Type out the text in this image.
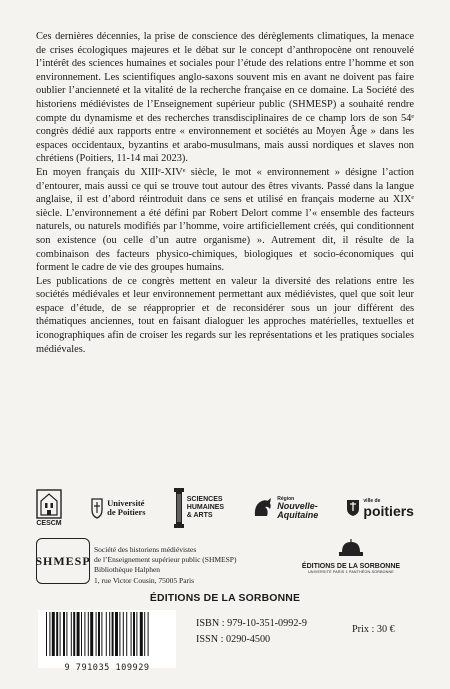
Ces dernières décennies, la prise de conscience des dérèglements climatiques, la menace de crises écologiques majeures et le débat sur le concept d’anthropocène ont renouvelé l’intérêt des sciences humaines et sociales pour l’étude des relations entre l’homme et son environnement. Les scientifiques anglo-saxons souvent mis en avant ne doivent pas faire oublier l’ancienneté et la vitalité de la recherche française en ce domaine. La Société des historiens médiévistes de l’Enseignement supérieur public (SHMESP) a souhaité rendre compte du dynamisme et des recherches transdisciplinaires de ce champ lors de son 54ᵉ congrès dédié aux rapports entre « environnement et sociétés au Moyen Âge » dans les espaces occidentaux, byzantins et arabo-musulmans, mais aussi nordiques et slaves non chrétiens (Poitiers, 11-14 mai 2023).

En moyen français du XIIIᵉ-XIVᵉ siècle, le mot « environnement » désigne l’action d’entourer, mais aussi ce qui se trouve tout autour des êtres vivants. Passé dans la langue anglaise, il est d’abord réintroduit dans ce sens et utilisé en français moderne au XIXᵉ siècle. L’environnement a été défini par Robert Delort comme l’« ensemble des facteurs naturels, ou naturels modifiés par l’homme, voire artificiellement créés, qui conditionnent son existence (ou celle d’un autre organisme) ». Autrement dit, il résulte de la combinaison des facteurs physico-chimiques, biologiques et socio-économiques qui forment le cadre de vie des groupes humains.

Les publications de ce congrès mettent en valeur la diversité des relations entre les sociétés médiévales et leur environnement permettant aux médiévistes, quel que soit leur espace d’étude, de se réapproprier et de reconsidérer sous un jour différent des thématiques anciennes, tout en faisant dialoguer les approches matérielles, textuelles et iconographiques afin de croiser les regards sur les représentations et les pratiques sociales médiévales.

CESCM
Université
de Poitiers
SCIENCES
HUMAINES
& ARTS
Région
Nouvelle-
Aquitaine
ville de
poitiers
SHMESP
Société des historiens médiévistes
de l’Enseignement supérieur public (SHMESP)
Bibliothèque Halphen
1, rue Victor Cousin, 75005 Paris
ÉDITIONS DE LA SORBONNE
UNIVERSITÉ PARIS 1 PANTHÉON-SORBONNE
ÉDITIONS DE LA SORBONNE
9 791035 109929
ISBN : 979-10-351-0992-9
ISSN : 0290-4500
Prix : 30 €
